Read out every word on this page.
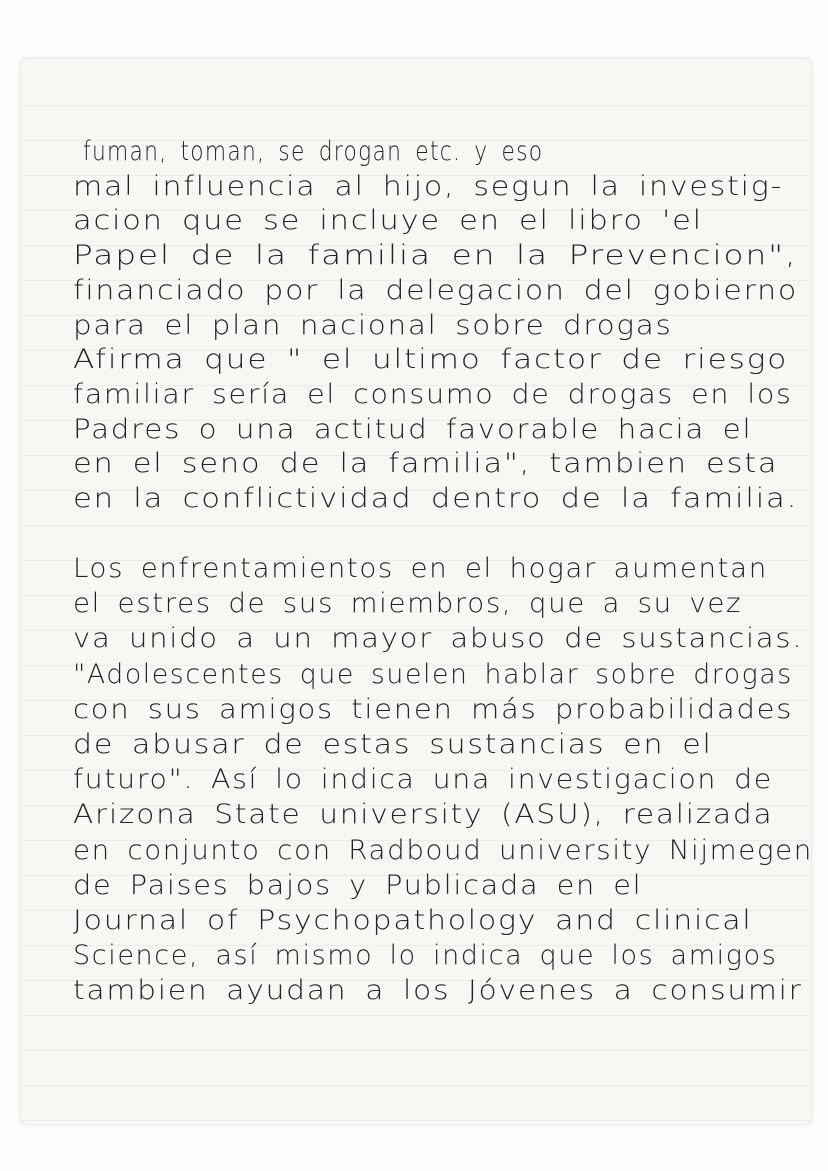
fuman, toman, se drogan etc. y eso
mal influencia al hijo, segun la investig-
acion que se incluye en el libro 'el
Papel de la familia en la Prevencion",
financiado por la delegacion del gobierno
para el plan nacional sobre drogas
Afirma que " el ultimo factor de riesgo
familiar sería el consumo de drogas en los
Padres o una actitud favorable hacia el
en el seno de la familia", tambien esta
en la conflictividad dentro de la familia.
Los enfrentamientos en el hogar aumentan
el estres de sus miembros, que a su vez
va unido a un mayor abuso de sustancias.
"Adolescentes que suelen hablar sobre drogas
con sus amigos tienen más probabilidades
de abusar de estas sustancias en el
futuro". Así lo indica una investigacion de
Arizona State university (ASU), realizada
en conjunto con Radboud university Nijmegen
de Paises bajos y Publicada en el
Journal of Psychopathology and clinical
Science, así mismo lo indica que los amigos
tambien ayudan a los Jóvenes a consumir
